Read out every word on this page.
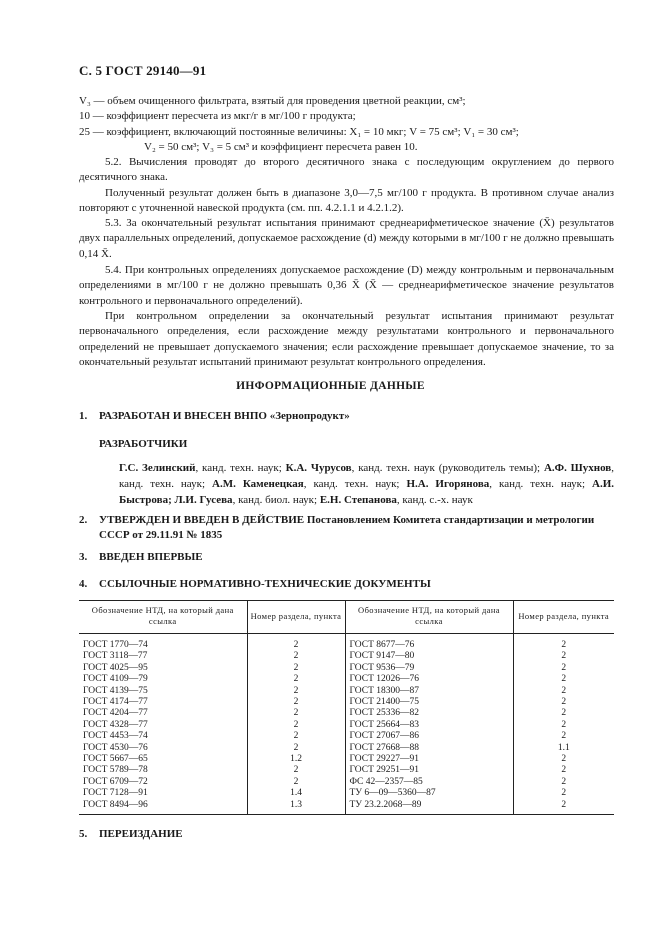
С. 5 ГОСТ 29140—91
V₃ — объем очищенного фильтрата, взятый для проведения цветной реакции, см³;
10 — коэффициент пересчета из мкг/г в мг/100 г продукта;
25 — коэффициент, включающий постоянные величины: X₁ = 10 мкг; V = 75 см³; V₁ = 30 см³;
V₂ = 50 см³; V₃ = 5 см³ и коэффициент пересчета равен 10.
5.2. Вычисления проводят до второго десятичного знака с последующим округлением до первого десятичного знака.
Полученный результат должен быть в диапазоне 3,0—7,5 мг/100 г продукта. В противном случае анализ повторяют с уточненной навеской продукта (см. пп. 4.2.1.1 и 4.2.1.2).
5.3. За окончательный результат испытания принимают среднеарифметическое значение (X̄) результатов двух параллельных определений, допускаемое расхождение (d) между которыми в мг/100 г не должно превышать 0,14 X̄.
5.4. При контрольных определениях допускаемое расхождение (D) между контрольным и первоначальным определениями в мг/100 г не должно превышать 0,36 X̄ (X̄ — среднеарифметическое значение результатов контрольного и первоначального определений).
При контрольном определении за окончательный результат испытания принимают результат первоначального определения, если расхождение между результатами контрольного и первоначального определений не превышает допускаемого значения; если расхождение превышает допускаемое значение, то за окончательный результат испытаний принимают результат контрольного определения.
ИНФОРМАЦИОННЫЕ ДАННЫЕ
1. РАЗРАБОТАН И ВНЕСЕН ВНПО «Зернопродукт»
РАЗРАБОТЧИКИ
Г.С. Зелинский, канд. техн. наук; К.А. Чурусов, канд. техн. наук (руководитель темы); А.Ф. Шухнов, канд. техн. наук; А.М. Каменецкая, канд. техн. наук; Н.А. Игорянова, канд. техн. наук; А.И. Быстрова; Л.И. Гусева, канд. биол. наук; Е.Н. Степанова, канд. с.-х. наук
2.	УТВЕРЖДЕН И ВВЕДЕН В ДЕЙСТВИЕ Постановлением Комитета стандартизации и метрологии СССР от 29.11.91 № 1835
3. ВВЕДЕН ВПЕРВЫЕ
4. ССЫЛОЧНЫЕ НОРМАТИВНО-ТЕХНИЧЕСКИЕ ДОКУМЕНТЫ
Обозначение НТД, на который дана ссылка	Номер раздела, пункта	Обозначение НТД, на который дана ссылка	Номер раздела, пункта
ГОСТ 1770—74	2	ГОСТ 8677—76	2
ГОСТ 3118—77	2	ГОСТ 9147—80	2
ГОСТ 4025—95	2	ГОСТ 9536—79	2
ГОСТ 4109—79	2	ГОСТ 12026—76	2
ГОСТ 4139—75	2	ГОСТ 18300—87	2
ГОСТ 4174—77	2	ГОСТ 21400—75	2
ГОСТ 4204—77	2	ГОСТ 25336—82	2
ГОСТ 4328—77	2	ГОСТ 25664—83	2
ГОСТ 4453—74	2	ГОСТ 27067—86	2
ГОСТ 4530—76	2	ГОСТ 27668—88	1.1
ГОСТ 5667—65	1.2	ГОСТ 29227—91	2
ГОСТ 5789—78	2	ГОСТ 29251—91	2
ГОСТ 6709—72	2	ФС 42—2357—85	2
ГОСТ 7128—91	1.4	ТУ 6—09—5360—87	2
ГОСТ 8494—96	1.3	ТУ 23.2.2068—89	2
5. ПЕРЕИЗДАНИЕ
